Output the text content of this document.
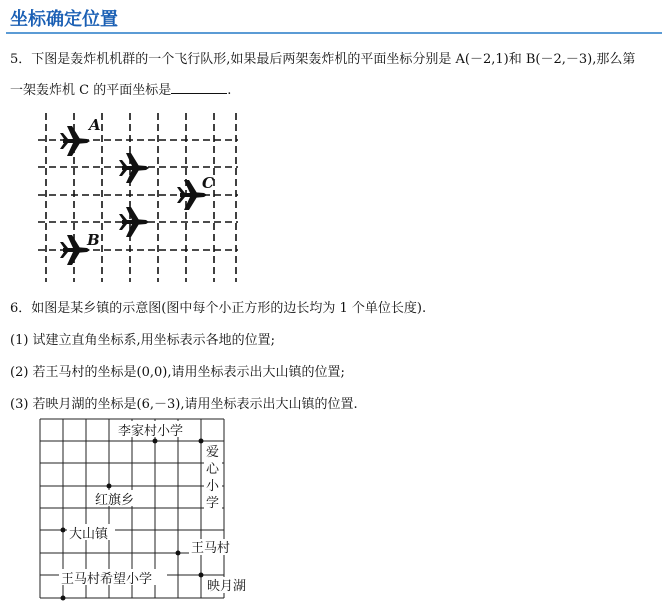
坐标确定位置
5．下图是轰炸机机群的一个飞行队形,如果最后两架轰炸机的平面坐标分别是 A(－2,1)和 B(－2,－3),那么第
一架轰炸机 C 的平面坐标是	.
A
C
B
6．如图是某乡镇的示意图(图中每个小正方形的边长均为 1 个单位长度).
(1) 试建立直角坐标系,用坐标表示各地的位置;
(2) 若王马村的坐标是(0,0),请用坐标表示出大山镇的位置;
(3) 若映月湖的坐标是(6,－3),请用坐标表示出大山镇的位置.
李家村小学
爱
心
小
学
红旗乡
大山镇
王马村
王马村希望小学	映月湖
